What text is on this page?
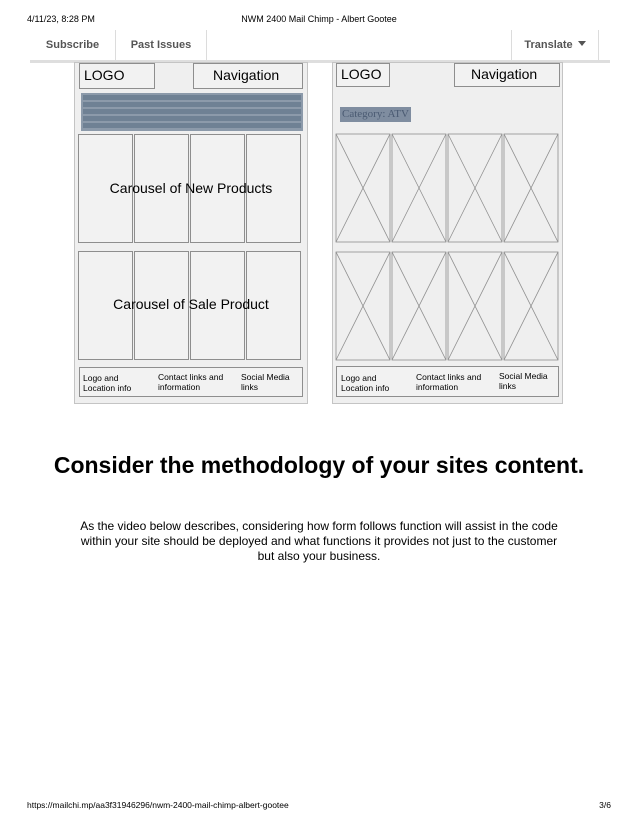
4/11/23, 8:28 PM	NWM 2400 Mail Chimp - Albert Gootee
Subscribe	Past Issues	Translate
LOGO	Navigation
Carousel of New Products
Carousel of Sale Product
Logo and Location info
Contact links and information
Social Media links
LOGO	Navigation
Category: ATV
Logo and Location info
Contact links and information
Social Media links
Consider the methodology of your sites content.

As the video below describes, considering how form follows function will assist in the code within your site should be deployed and what functions it provides not just to the customer but also your business.

https://mailchi.mp/aa3f31946296/nwm-2400-mail-chimp-albert-gootee	3/6
